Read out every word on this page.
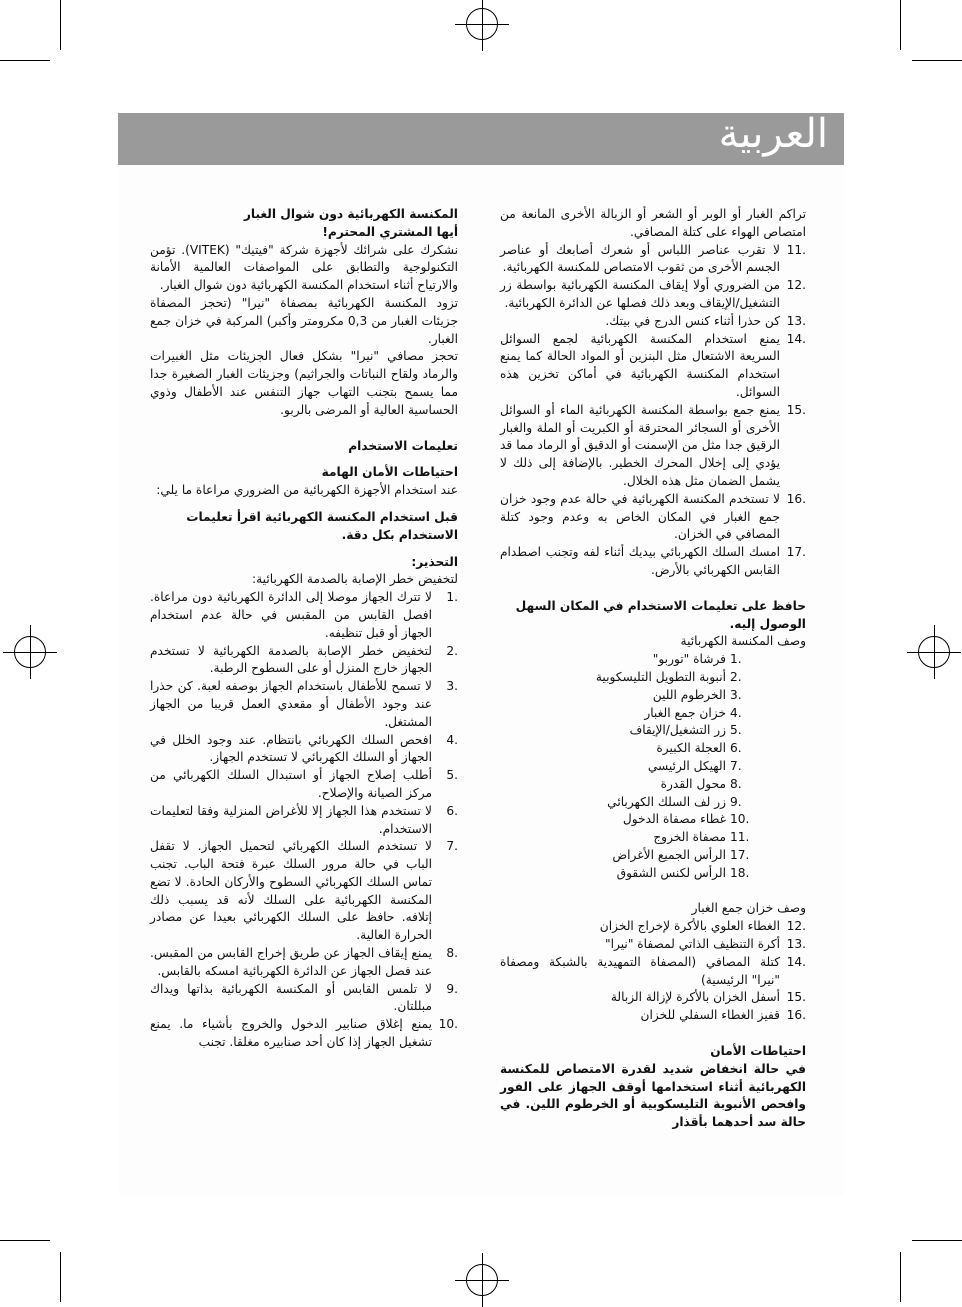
العربية

تراكم الغبار أو الوبر أو الشعر أو الزبالة الأخرى المانعة من امتصاص الهواء على كتلة المصافي.

11.
لا تقرب عناصر اللباس أو شعرك أصابعك أو عناصر الجسم الأخرى من ثقوب الامتصاص للمكنسة الكهربائية.
12.
من الضروري أولا إيقاف المكنسة الكهربائية بواسطة زر التشغيل/الإيقاف وبعد ذلك فصلها عن الدائرة الكهربائية.
13.
كن حذرا أثناء كنس الدرج في بيتك.
14.
يمنع استخدام المكنسة الكهربائية لجمع السوائل السريعة الاشتعال مثل البنزين أو المواد الحالة كما يمنع استخدام المكنسة الكهربائية في أماكن تخزين هذه السوائل.
15.
يمنع جمع بواسطة المكنسة الكهربائية الماء أو السوائل الأخرى أو السجائر المحترقة أو الكبريت أو الملة والغبار الرقيق جدا مثل من الإسمنت أو الدقيق أو الرماد مما قد يؤدي إلى إخلال المحرك الخطير. بالإضافة إلى ذلك لا يشمل الضمان مثل هذه الخلال.
16.
لا تستخدم المكنسة الكهربائية في حالة عدم وجود خزان جمع الغبار في المكان الخاص به وعدم وجود كتلة المصافي في الخزان.
17.
امسك السلك الكهربائي بيديك أثناء لفه وتجنب اصطدام القابس الكهربائي بالأرض.

حافظ على تعليمات الاستخدام في المكان السهل الوصول إليه.

وصف المكنسة الكهربائية

1.
فرشاة "توربو"
2.
أنبوبة التطويل التليسكوبية
3.
الخرطوم اللين
4.
خزان جمع الغبار
5.
زر التشغيل/الإيقاف
6.
العجلة الكبيرة
7.
الهيكل الرئيسي
8.
محول القدرة
9.
زر لف السلك الكهربائي
10.
غطاء مصفاة الدخول
11.
مصفاة الخروج
17.
الرأس الجميع الأغراض
18.
الرأس لكنس الشقوق

وصف خزان جمع الغبار

12.
الغطاء العلوي بالأكرة لإخراج الخزان
13.
أكرة التنظيف الذاتي لمصفاة "نيرا"
14.
كتلة المصافي (المصفاة التمهيدية بالشبكة ومصفاة "نيرا" الرئيسية)
15.
أسفل الخزان بالأكرة لإزالة الزبالة
16.
قفيز الغطاء السفلي للخزان

احتياطات الأمان

في حالة انخفاض شديد لقدرة الامتصاص للمكنسة الكهربائية أثناء استخدامها أوقف الجهاز على الفور وافحص الأنبوبة التليسكوبية أو الخرطوم اللين. في حالة سد أحدهما بأقذار

المكنسة الكهربائية دون شوال الغبار

أيها المشتري المحترم!

نشكرك على شرائك لأجهزة شركة "فيتيك" (VITEK). تؤمن التكنولوجية والتطابق على المواصفات العالمية الأمانة والارتياح أثناء استخدام المكنسة الكهربائية دون شوال الغبار.

تزود المكنسة الكهربائية بمصفاة "نيرا" (تحجز المصفاة جزيئات الغبار من 0,3 مكرومتر وأكبر) المركبة في خزان جمع الغبار.

تحجز مصافي "نيرا" بشكل فعال الجزيئات مثل الغبيرات والرماد ولقاح النباتات والجراثيم) وجزيئات الغبار الصغيرة جدا مما يسمح بتجنب التهاب جهاز التنفس عند الأطفال وذوي الحساسية العالية أو المرضى بالربو.

تعليمات الاستخدام

احتياطات الأمان الهامة

عند استخدام الأجهزة الكهربائية من الضروري مراعاة ما يلي:

قبل استخدام المكنسة الكهربائية اقرأ تعليمات الاستخدام بكل دقة.

التحذير:

لتخفيض خطر الإصابة بالصدمة الكهربائية:

1.
لا تترك الجهاز موصلا إلى الدائرة الكهربائية دون مراعاة. افصل القابس من المقبس في حالة عدم استخدام الجهاز أو قبل تنظيفه.
2.
لتخفيض خطر الإصابة بالصدمة الكهربائية لا تستخدم الجهاز خارج المنزل أو على السطوح الرطبة.
3.
لا تسمح للأطفال باستخدام الجهاز بوصفه لعبة. كن حذرا عند وجود الأطفال أو مقعدي العمل قريبا من الجهاز المشتغل.
4.
افحص السلك الكهربائي بانتظام. عند وجود الخلل في الجهاز أو السلك الكهربائي لا تستخدم الجهاز.
5.
أطلب إصلاح الجهاز أو استبدال السلك الكهربائي من مركز الصيانة والإصلاح.
6.
لا تستخدم هذا الجهاز إلا للأغراض المنزلية وفقا لتعليمات الاستخدام.
7.
لا تستخدم السلك الكهربائي لتحميل الجهاز. لا تقفل الباب في حالة مرور السلك عبرة فتحة الباب. تجنب تماس السلك الكهربائي السطوح والأركان الحادة. لا تضع المكنسة الكهربائية على السلك لأنه قد يسبب ذلك إتلافه. حافظ على السلك الكهربائي بعيدا عن مصادر الحرارة العالية.
8.
يمنع إيقاف الجهاز عن طريق إخراج القابس من المقبس. عند فصل الجهاز عن الدائرة الكهربائية امسكه بالقابس.
9.
لا تلمس القابس أو المكنسة الكهربائية بذاتها ويداك مبللتان.
10.
يمنع إغلاق صنابير الدخول والخروج بأشياء ما. يمنع تشغيل الجهاز إذا كان أحد صنابيره مغلقا. تجنب
